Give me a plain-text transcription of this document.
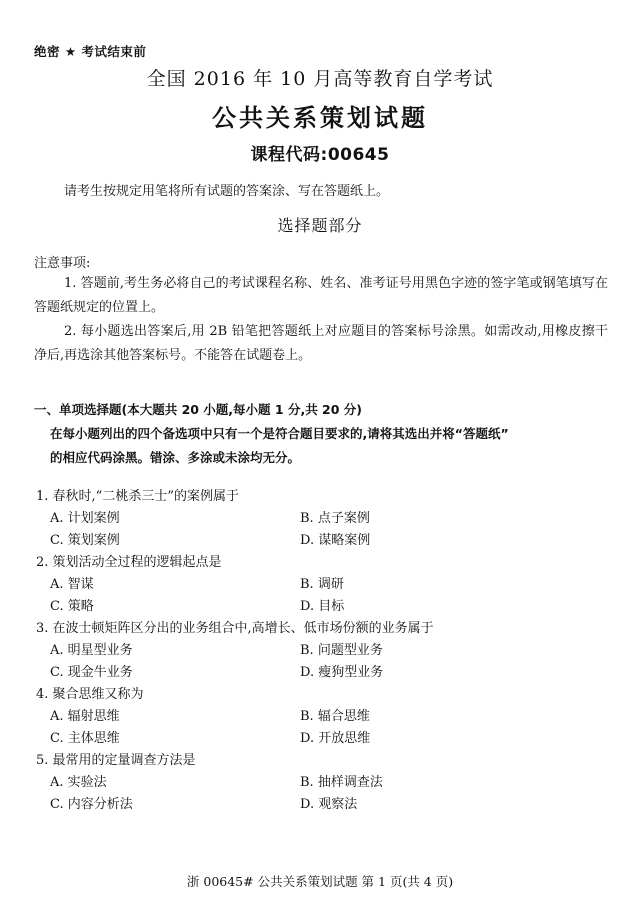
绝密 ★ 考试结束前
全国 2016 年 10 月高等教育自学考试
公共关系策划试题
课程代码:00645
请考生按规定用笔将所有试题的答案涂、写在答题纸上。
选择题部分
注意事项:
1. 答题前,考生务必将自己的考试课程名称、姓名、准考证号用黑色字迹的签字笔或钢笔填写在答题纸规定的位置上。
2. 每小题选出答案后,用 2B 铅笔把答题纸上对应题目的答案标号涂黑。如需改动,用橡皮擦干净后,再选涂其他答案标号。不能答在试题卷上。
一、单项选择题(本大题共 20 小题,每小题 1 分,共 20 分)
在每小题列出的四个备选项中只有一个是符合题目要求的,请将其选出并将“答题纸”
的相应代码涂黑。错涂、多涂或未涂均无分。
1. 春秋时,“二桃杀三士”的案例属于
A. 计划案例	B. 点子案例
C. 策划案例	D. 谋略案例
2. 策划活动全过程的逻辑起点是
A. 智谋	B. 调研
C. 策略	D. 目标
3. 在波士顿矩阵区分出的业务组合中,高增长、低市场份额的业务属于
A. 明星型业务	B. 问题型业务
C. 现金牛业务	D. 瘦狗型业务
4. 聚合思维又称为
A. 辐射思维	B. 辐合思维
C. 主体思维	D. 开放思维
5. 最常用的定量调查方法是
A. 实验法	B. 抽样调查法
C. 内容分析法	D. 观察法
浙 00645# 公共关系策划试题 第 1 页(共 4 页)
